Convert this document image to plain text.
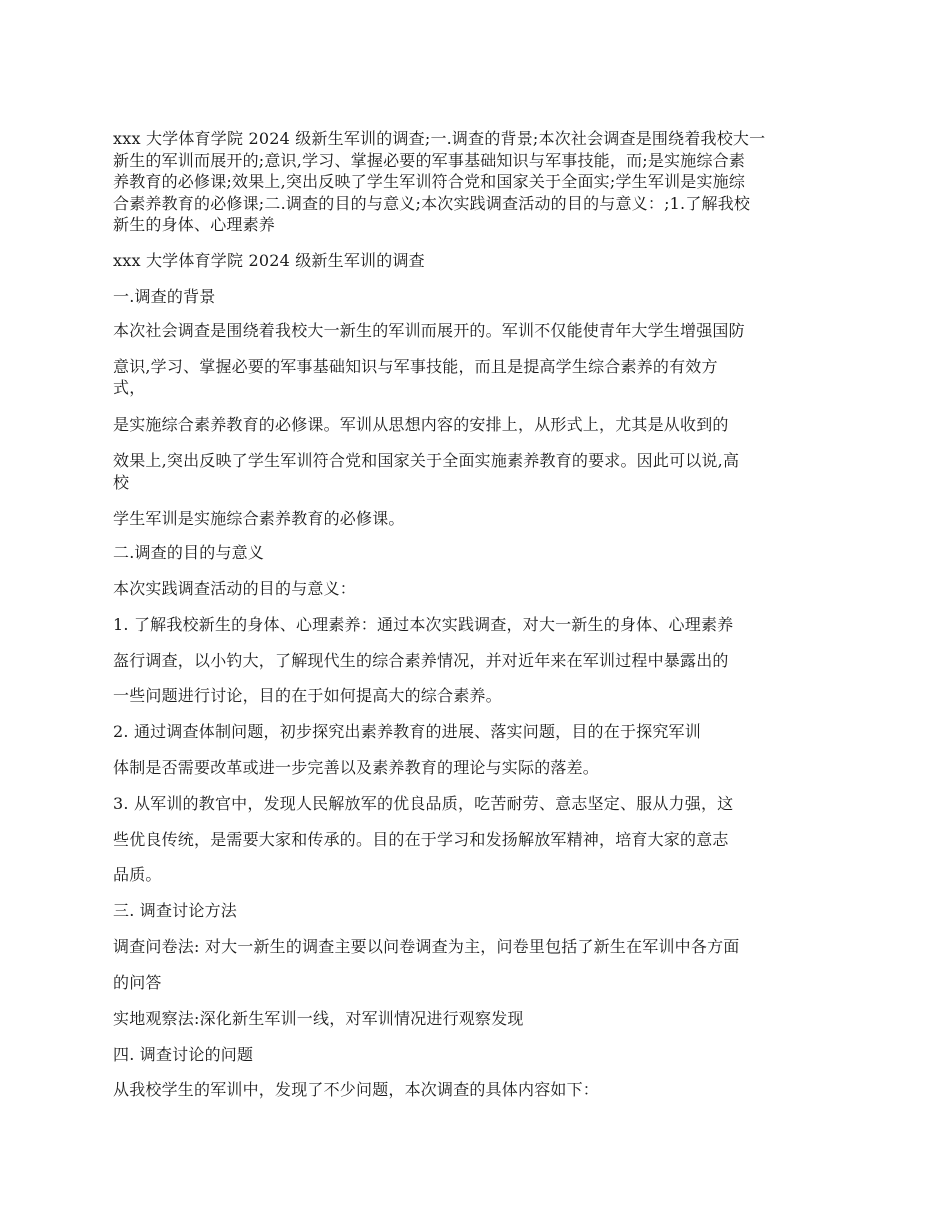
xxx 大学体育学院 2024 级新生军训的调查;一.调查的背景;本次社会调查是围绕着我校大一
新生的军训而展开的;意识,学习、掌握必要的军事基础知识与军事技能，而;是实施综合素
养教育的必修课;效果上,突出反映了学生军训符合党和国家关于全面实;学生军训是实施综
合素养教育的必修课;二.调查的目的与意义;本次实践调查活动的目的与意义：;1.了解我校
新生的身体、心理素养
xxx 大学体育学院 2024 级新生军训的调查
一.调查的背景
本次社会调查是围绕着我校大一新生的军训而展开的。军训不仅能使青年大学生增强国防
意识,学习、掌握必要的军事基础知识与军事技能，而且是提高学生综合素养的有效方
式，
是实施综合素养教育的必修课。军训从思想内容的安排上，从形式上，尤其是从收到的
效果上,突出反映了学生军训符合党和国家关于全面实施素养教育的要求。因此可以说,高
校
学生军训是实施综合素养教育的必修课。
二.调查的目的与意义
本次实践调查活动的目的与意义：
1. 了解我校新生的身体、心理素养：通过本次实践调查，对大一新生的身体、心理素养
盔行调查，以小钓大，了解现代生的综合素养情况，并对近年来在军训过程中暴露出的
一些问题进行讨论，目的在于如何提高大的综合素养。
2. 通过调查体制问题，初步探究出素养教育的进展、落实问题，目的在于探究军训
体制是否需要改革或进一步完善以及素养教育的理论与实际的落差。
3. 从军训的教官中，发现人民解放军的优良品质，吃苦耐劳、意志坚定、服从力强，这
些优良传统，是需要大家和传承的。目的在于学习和发扬解放军精神，培育大家的意志
品质。
三. 调查讨论方法
调查问卷法: 对大一新生的调查主要以问卷调查为主，问卷里包括了新生在军训中各方面
的问答
实地观察法:深化新生军训一线，对军训情况进行观察发现
四. 调查讨论的问题
从我校学生的军训中，发现了不少问题，本次调查的具体内容如下：
